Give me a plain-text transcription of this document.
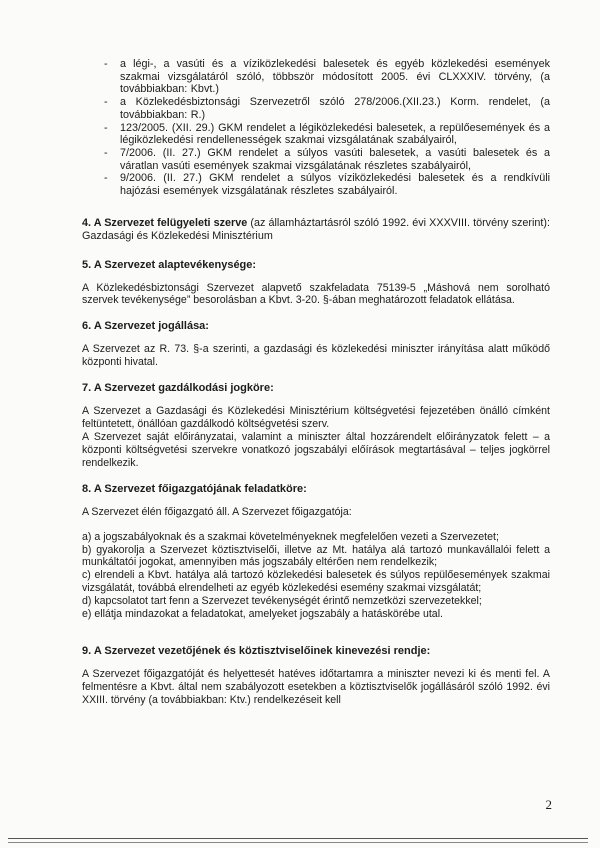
- a légi-, a vasúti és a víziközlekedési balesetek és egyéb közlekedési események szakmai vizsgálatáról szóló, többször módosított 2005. évi CLXXXIV. törvény, (a továbbiakban: Kbvt.)
- a Közlekedésbiztonsági Szervezetről szóló 278/2006.(XII.23.) Korm. rendelet, (a továbbiakban: R.)
- 123/2005. (XII. 29.) GKM rendelet a légiközlekedési balesetek, a repülőesemények és a légiközlekedési rendellenességek szakmai vizsgálatának szabályairól,
- 7/2006. (II. 27.) GKM rendelet a súlyos vasúti balesetek, a vasúti balesetek és a váratlan vasúti események szakmai vizsgálatának részletes szabályairól,
- 9/2006. (II. 27.) GKM rendelet a súlyos víziközlekedési balesetek és a rendkívüli hajózási események vizsgálatának részletes szabályairól.

4. A Szervezet felügyeleti szerve (az államháztartásról szóló 1992. évi XXXVIII. törvény szerint): Gazdasági és Közlekedési Minisztérium

5. A Szervezet alaptevékenysége:

A Közlekedésbiztonsági Szervezet alapvető szakfeladata 75139-5 „Máshová nem sorolható szervek tevékenysége” besorolásban a Kbvt. 3-20. §-ában meghatározott feladatok ellátása.

6. A Szervezet jogállása:

A Szervezet az R. 73. §-a szerinti, a gazdasági és közlekedési miniszter irányítása alatt működő központi hivatal.

7. A Szervezet gazdálkodási jogköre:

A Szervezet a Gazdasági és Közlekedési Minisztérium költségvetési fejezetében önálló címként feltüntetett, önállóan gazdálkodó költségvetési szerv.

A Szervezet saját előirányzatai, valamint a miniszter által hozzárendelt előirányzatok felett – a központi költségvetési szervekre vonatkozó jogszabályi előírások megtartásával – teljes jogkörrel rendelkezik.

8. A Szervezet főigazgatójának feladatköre:

A Szervezet élén főigazgató áll. A Szervezet főigazgatója:

a) a jogszabályoknak és a szakmai követelményeknek megfelelően vezeti a Szervezetet;
b) gyakorolja a Szervezet köztisztviselői, illetve az Mt. hatálya alá tartozó munkavállalói felett a munkáltatói jogokat, amennyiben más jogszabály eltérően nem rendelkezik;
c) elrendeli a Kbvt. hatálya alá tartozó közlekedési balesetek és súlyos repülőesemények szakmai vizsgálatát, továbbá elrendelheti az egyéb közlekedési esemény szakmai vizsgálatát;
d) kapcsolatot tart fenn a Szervezet tevékenységét érintő nemzetközi szervezetekkel;
e) ellátja mindazokat a feladatokat, amelyeket jogszabály a hatáskörébe utal.
9. A Szervezet vezetőjének és köztisztviselőinek kinevezési rendje:

A Szervezet főigazgatóját és helyettesét hatéves időtartamra a miniszter nevezi ki és menti fel. A felmentésre a Kbvt. által nem szabályozott esetekben a köztisztviselők jogállásáról szóló 1992. évi XXIII. törvény (a továbbiakban: Ktv.) rendelkezéseit kell

2
